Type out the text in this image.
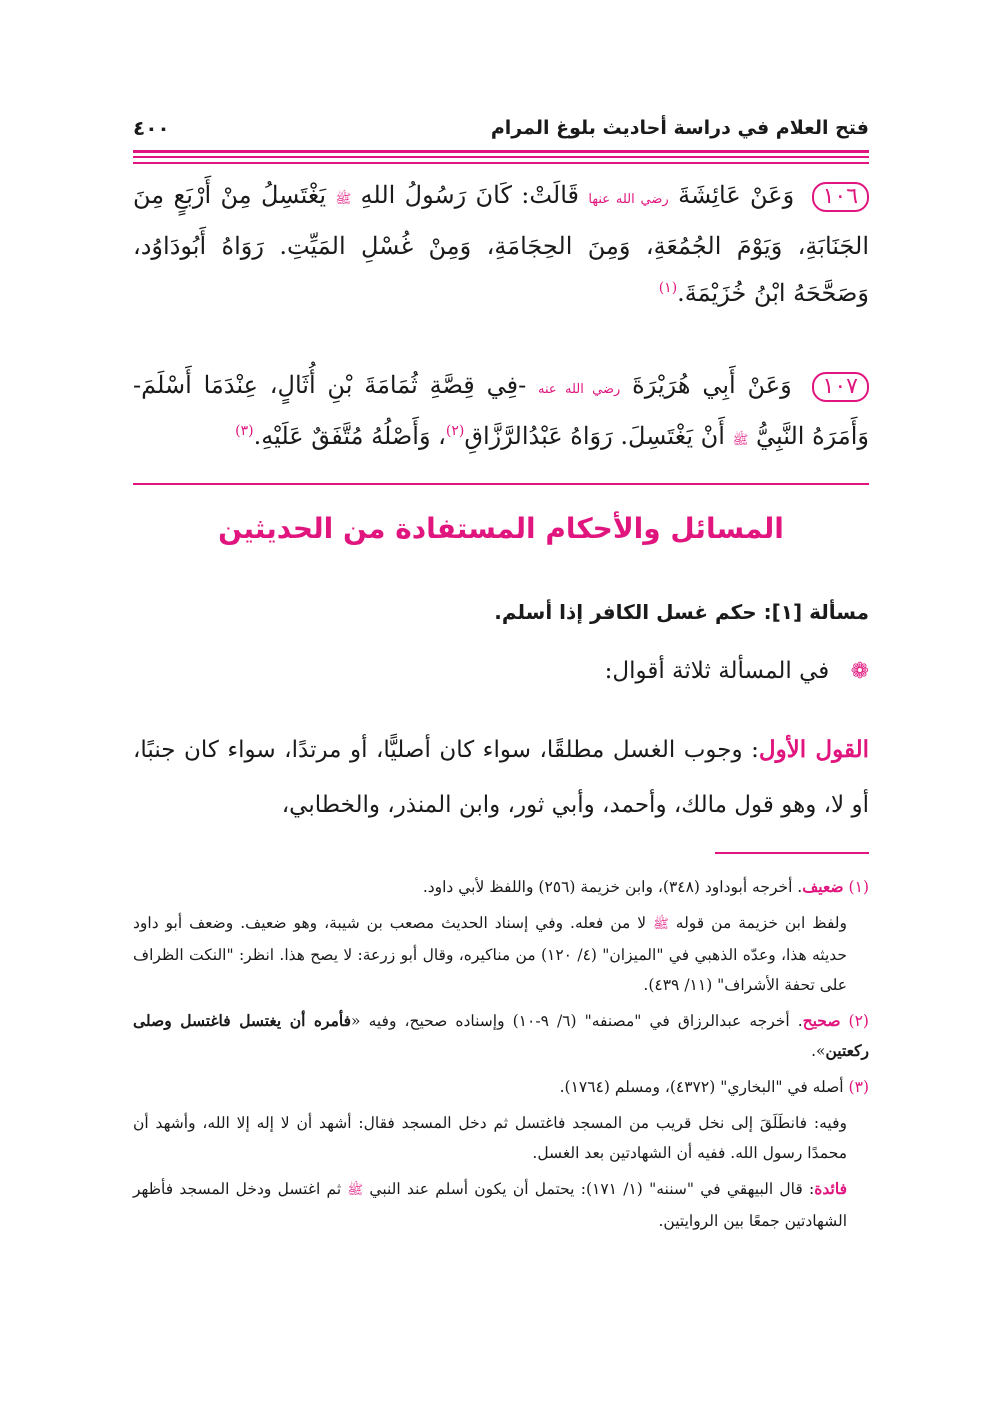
فتح العلام في دراسة أحاديث بلوغ المرام
٤٠٠
١٠٦ وَعَنْ عَائِشَةَ رضي الله عنها قَالَتْ: كَانَ رَسُولُ اللهِ ﷺ يَغْتَسِلُ مِنْ أَرْبَعٍ مِنَ الجَنَابَةِ، وَيَوْمَ الجُمُعَةِ، وَمِنَ الحِجَامَةِ، وَمِنْ غُسْلِ المَيِّتِ. رَوَاهُ أَبُودَاوُد، وَصَحَّحَهُ ابْنُ خُزَيْمَةَ.$^{(١)}$
١٠٧ وَعَنْ أَبِي هُرَيْرَةَ رضي الله عنه -فِي قِصَّةِ ثُمَامَةَ بْنِ أُثَالٍ، عِنْدَمَا أَسْلَمَ- وَأَمَرَهُ النَّبِيُّ ﷺ أَنْ يَغْتَسِلَ. رَوَاهُ عَبْدُالرَّزَّاقِ$^{(٢)}$، وَأَصْلُهُ مُتَّفَقٌ عَلَيْهِ.$^{(٣)}$
المسائل والأحكام المستفادة من الحديثين
مسألة [١]: حكم غسل الكافر إذا أسلم.
❁ في المسألة ثلاثة أقوال:
القول الأول: وجوب الغسل مطلقًا، سواء كان أصليًّا، أو مرتدًا، سواء كان جنبًا، أو لا، وهو قول مالك، وأحمد، وأبي ثور، وابن المنذر، والخطابي،

(١) ضعيف. أخرجه أبوداود (٣٤٨)، وابن خزيمة (٢٥٦) واللفظ لأبي داود.

ولفظ ابن خزيمة من قوله ﷺ لا من فعله. وفي إسناد الحديث مصعب بن شيبة، وهو ضعيف. وضعف أبو داود حديثه هذا، وعدّه الذهبي في "الميزان" (٤/ ١٢٠) من مناكيره، وقال أبو زرعة: لا يصح هذا. انظر: "النكت الظراف على تحفة الأشراف" (١١/ ٤٣٩).

(٢) صحيح. أخرجه عبدالرزاق في "مصنفه" (٦/ ٩-١٠) وإسناده صحيح، وفيه «فأمره أن يغتسل فاغتسل وصلى ركعتين».

(٣) أصله في "البخاري" (٤٣٧٢)، ومسلم (١٧٦٤).

وفيه: فانطَلَقَ إلى نخل قريب من المسجد فاغتسل ثم دخل المسجد فقال: أشهد أن لا إله إلا الله، وأشهد أن محمدًا رسول الله. ففيه أن الشهادتين بعد الغسل.

فائدة: قال البيهقي في "سننه" (١/ ١٧١): يحتمل أن يكون أسلم عند النبي ﷺ ثم اغتسل ودخل المسجد فأظهر الشهادتين جمعًا بين الروايتين.
